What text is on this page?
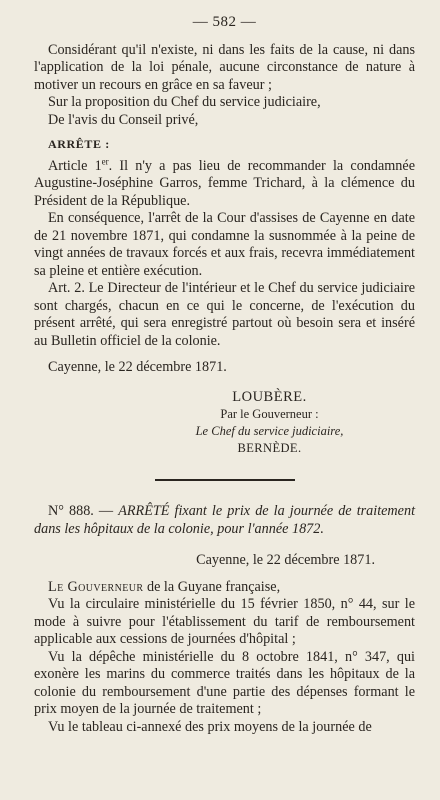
— 582 —

Considérant qu'il n'existe, ni dans les faits de la cause, ni dans l'application de la loi pénale, aucune circonstance de nature à motiver un recours en grâce en sa faveur ;

Sur la proposition du Chef du service judiciaire,

De l'avis du Conseil privé,

ARRÊTE :

Article 1er. Il n'y a pas lieu de recommander la condamnée Augustine-Joséphine Garros, femme Trichard, à la clémence du Président de la République.

En conséquence, l'arrêt de la Cour d'assises de Cayenne en date de 21 novembre 1871, qui condamne la susnommée à la peine de vingt années de travaux forcés et aux frais, recevra immédiatement sa pleine et entière exécution.

Art. 2. Le Directeur de l'intérieur et le Chef du service judiciaire sont chargés, chacun en ce qui le concerne, de l'exécution du présent arrêté, qui sera enregistré partout où besoin sera et inséré au Bulletin officiel de la colonie.

Cayenne, le 22 décembre 1871.

LOUBÈRE.
Par le Gouverneur :
Le Chef du service judiciaire,
BERNÈDE.

N° 888. — ARRÊTÉ fixant le prix de la journée de traitement dans les hôpitaux de la colonie, pour l'année 1872.

Cayenne, le 22 décembre 1871.

Le Gouverneur de la Guyane française,

Vu la circulaire ministérielle du 15 février 1850, n° 44, sur le mode à suivre pour l'établissement du tarif de remboursement applicable aux cessions de journées d'hôpital ;

Vu la dépêche ministérielle du 8 octobre 1841, n° 347, qui exonère les marins du commerce traités dans les hôpitaux de la colonie du remboursement d'une partie des dépenses formant le prix moyen de la journée de traitement ;

Vu le tableau ci-annexé des prix moyens de la journée de
